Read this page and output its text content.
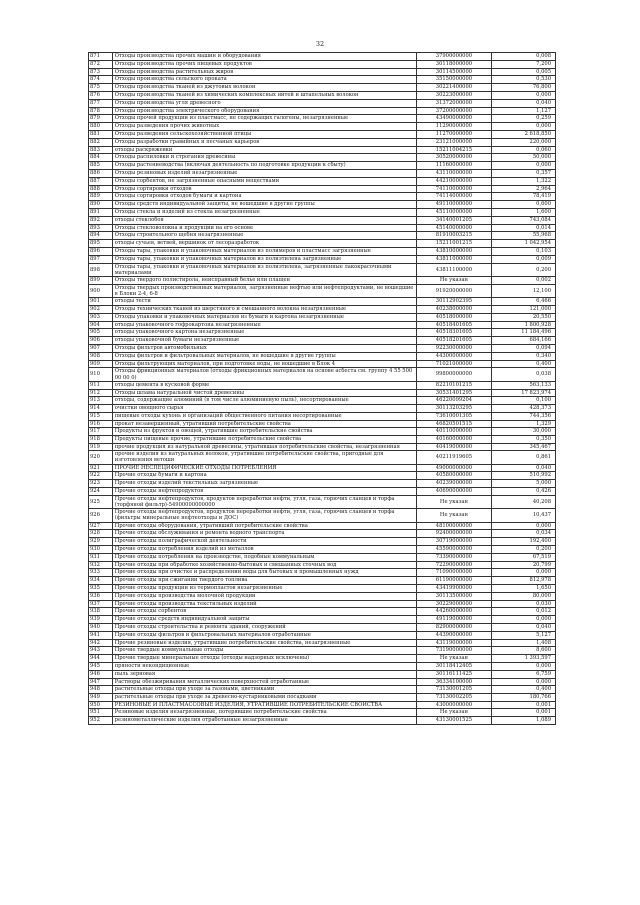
32
871	Отходы производства прочих машин и оборудования	37900000000	0,008
872	Отходы производства прочих пищевых продуктов	30118000000	7,200
873	Отходы производства растительных жиров	30114500000	0,005
874	Отходы производства сельского проката	35150000000	0,530
875	Отходы производства тканей из джутовых волокон	30221400000	76,800
876	Отходы производства тканей из химических комплексных нитей и штапельных волокон	30223000000	0,000
877	Отходы производства угля древесного	31372000000	0,040
878	Отходы производства электрического оборудования	37200000000	1,127
879	Отходы прочей продукции из пластмасс, не содержащих галогены, незагрязненные	43490000000	0,259
880	Отходы разведения прочих животных	11290000000	0,000
881	Отходы разведения сельскохозяйственной птицы	11270000000	2 618,850
882	Отходы разработки гравийных и песчаных карьеров	23121000000	220,000
883	отходы раскряжевки	15211004215	0,060
884	Отходы распиловки и строгания древесины	30520000000	50,000
885	Отходы растениеводства (включая деятельность по подготовке продукции к сбыту)	11160000000	0,000
886	Отходы резиновых изделий незагрязненные	43110000000	0,357
887	Отходы сорбентов, не загрязненные опасными веществами	44210000000	1,322
888	Отходы сортировки отходов	74110000000	2,964
889	Отходы сортировки отходов бумаги и картона	74114000000	78,419
890	Отходы средств индивидуальной защиты, не вошедшие в другие группы	49110000000	0,600
891	Отходы стекла и изделий из стекла незагрязненные	45110000000	1,600
892	отходы стеклобоя	34140001205	743,084
893	Отходы стекловолокна и продукции на его основе	45140000000	0,014
894	Отходы строительного щебня незагрязненные	81910003215	55,968
895	отходы сучьев, ветвей, вершинок от лесоразработок	15211001215	1 042,954
896	Отходы тары, упаковки и упаковочных материалов из полимеров и пластмасс загрязненные	43810000000	0,103
897	Отходы тары, упаковки и упаковочных материалов из полиэтилена загрязненные	43811000000	0,009
898	Отходы тары, упаковки и упаковочных материалов из полиэтилена, загрязненные лакокрасочными материалами	43811100000	0,200
899	Отходы твердого полистирола, неисправный белье или плащен	Не указан	0,002
900	Отходы твердых производственных материалов, загрязненные нефтью или нефтепродуктами, не вошедшие в Блоки 2-4, 6-8	91920000000	12,100
901	отходы тести	30112902395	6,466
902	Отходы технических тканей из шерстяного и смешанного волокна незагрязненные	40238000000	121,000
903	Отходы упаковки и упаковочных материалов из бумаги и картона незагрязненные	40518000000	20,550
904	отходы упаковочного гофрокартона незагрязненные	40518401605	1 800,928
905	отходы упаковочного картона незагрязненные	40518301605	11 184,496
906	отходы упаковочной бумаги незагрязненные	40518201605	684,166
907	Отходы фильтров автомобильных	92230000000	0,094
908	Отходы фильтров и фильтровальных материалов, не вошедшие в другие группы	44300000000	0,340
909	Отходы фильтрующих материалов, при подготовке воды, не вошедшие в Блок 4	71021000000	0,400
910	Отходы фрикционных материалов (отходы фрикционных материалов на основе асбеста см. группу 4 55 500 00 00 0)	99800000000	0,038
911	отходы цемента в кусковой форме	82210101215	563,133
912	Отходы шлама натуральной чистой древесины	30531401295	17 823,974
913	отходы, содержащие алюминий (в том числе алюминиевую пыль), несортированные	46220099204	0,100
914	очистки овощного сырья	30113203295	428,373
915	пищевые отходы кухонь и организаций общественного питания несортированные	73610001305	744,356
916	прокат незавершенный, утративший потребительские свойства	46820501515	1,329
917	Продукты из фруктов и овощей, утратившие потребительские свойства	40110000000	30,000
918	Продукты пищевые прочие, утратившие потребительские свойства	40160000000	0,350
919	прочие продукция из натуральной древесины, утратившая потребительские свойства, незагрязненная	40419000000	345,467
920	прочие изделия из натуральных волокон, утратившие потребительские свойства, пригодные для изготовления ветоши	40211919605	0,861
921	ПРОЧИЕ НЕСПЕЦИФИЧЕСКИЕ ОТХОДЫ ПОТРЕБЛЕНИЯ	49000000000	0,040
922	Прочие отходы бумаги и картона	40580000000	510,992
923	Прочие отходы изделий текстильных загрязненные	40239000000	5,000
924	Прочие отходы нефтепродуктов	40690000000	0,426
925	Прочие отходы нефтепродуктов, продуктов переработки нефти, угля, газа, горючих сланцев и торфа (торфяной фильтр)-54900000000000	Не указан	40,208
926	Прочие отходы нефтепродуктов, продуктов переработки нефти, угля, газа, горючих сланцев и торфа (фильтры минеральные нефтеотходы и ДОС)	Не указан	10,437
927	Прочие отходы оборудования, утративший потребительские свойства	48100000000	0,000
928	Прочие отходы обслуживания и ремонта водного транспорта	92400000000	0,034
929	Прочие отходы полиграфической деятельности	30719000000	192,400
930	Прочие отходы потребления изделий из металлов	45590000000	0,200
931	Прочие отходы потребления на производстве, подобные коммунальным	73390000000	67,519
932	Прочие отходы при обработке хозяйственно-бытовых и смешанных сточных вод	72290000000	20,799
933	Прочие отходы при очистке и распределении воды для бытовых и промышленных нужд	71090000000	0,000
934	Прочие отходы при сжигании твердого топлива	61190000000	812,978
935	Прочие отходы продукции из термопластов незагрязненные	43419900000	1,650
936	Прочие отходы производства молочной продукции	30113500000	80,000
937	Прочие отходы производства текстильных изделий	30229000000	0,030
938	Прочие отходы сорбентов	44260000000	0,012
939	Прочие отходы средств индивидуальной защиты	49119000000	0,000
940	Прочие отходы строительства и ремонта зданий, сооружений	82900000000	0,040
941	Прочие отходы фильтров и фильтровальных материалов отработанные	44390000000	5,127
942	Прочие резиновые изделия, утратившие потребительские свойства, незагрязненные	43119000000	1,408
943	Прочие твердые коммунальные отходы	73190000000	8,600
944	Прочие твердые минеральные отходы (отходы надзорных исключены)	Не указан	1 393,597
945	пряности некондиционные	30118412405	0,000
946	пыль зерновая	30116111425	6,759
947	Растворы обезжиривания металлических поверхностей отработанные	36334100000	0,000
948	растительные отходы при уходе за газонами, цветниками	73130001205	0,400
949	растительные отходы при уходе за древесно-кустарниковыми посадками	73130002205	180,766
950	РЕЗИНОВЫЕ И ПЛАСТМАССОВЫЕ ИЗДЕЛИЯ, УТРАТИВШИЕ ПОТРЕБИТЕЛЬСКИЕ СВОЙСТВА	43000000000	0,001
951	Резиновые изделия незагрязненные, потерявшие потребительские свойства	Не указан	0,001
952	резинометаллические изделия отработанные незагрязненные	43130001525	1,089
